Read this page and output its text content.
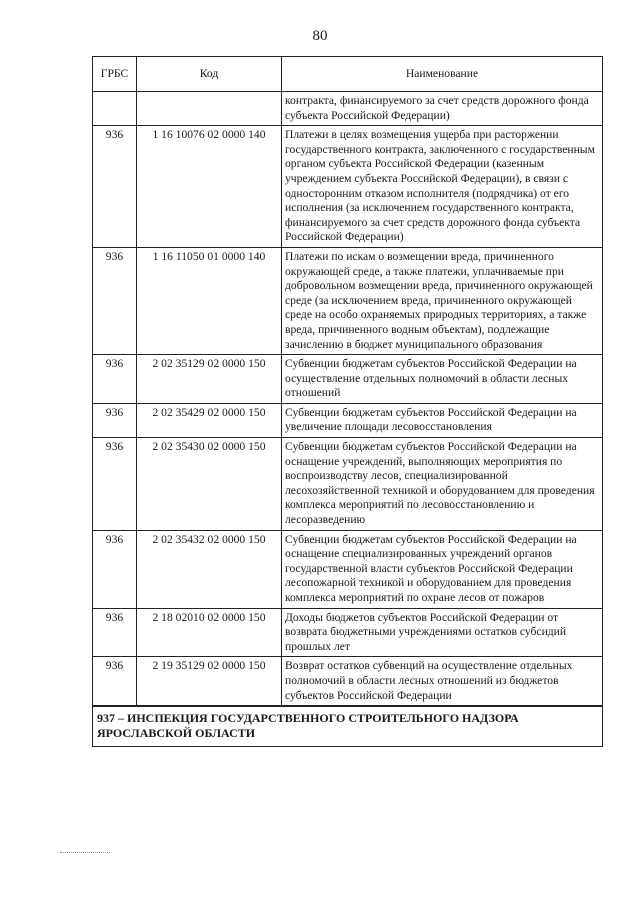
80
ГРБС	Код	Наименование
		контракта, финансируемого за счет средств дорожного фонда субъекта Российской Федерации)
936	1 16 10076 02 0000 140	Платежи в целях возмещения ущерба при расторжении государственного контракта, заключенного с государственным органом субъекта Российской Федерации (казенным учреждением субъекта Российской Федерации), в связи с односторонним отказом исполнителя (подрядчика) от его исполнения (за исключением государственного контракта, финансируемого за счет средств дорожного фонда субъекта Российской Федерации)
936	1 16 11050 01 0000 140	Платежи по искам о возмещении вреда, причиненного окружающей среде, а также платежи, уплачиваемые при добровольном возмещении вреда, причиненного окружающей среде (за исключением вреда, причиненного окружающей среде на особо охраняемых природных территориях, а также вреда, причиненного водным объектам), подлежащие зачислению в бюджет муниципального образования
936	2 02 35129 02 0000 150	Субвенции бюджетам субъектов Российской Федерации на осуществление отдельных полномочий в области лесных отношений
936	2 02 35429 02 0000 150	Субвенции бюджетам субъектов Российской Федерации на увеличение площади лесовосстановления
936	2 02 35430 02 0000 150	Субвенции бюджетам субъектов Российской Федерации на оснащение учреждений, выполняющих мероприятия по воспроизводству лесов, специализированной лесохозяйственной техникой и оборудованием для проведения комплекса мероприятий по лесовосстановлению и лесоразведению
936	2 02 35432 02 0000 150	Субвенции бюджетам субъектов Российской Федерации на оснащение специализированных учреждений органов государственной власти субъектов Российской Федерации лесопожарной техникой и оборудованием для проведения комплекса мероприятий по охране лесов от пожаров
936	2 18 02010 02 0000 150	Доходы бюджетов субъектов Российской Федерации от возврата бюджетными учреждениями остатков субсидий прошлых лет
936	2 19 35129 02 0000 150	Возврат остатков субвенций на осуществление отдельных полномочий в области лесных отношений из бюджетов субъектов Российской Федерации
937 – ИНСПЕКЦИЯ ГОСУДАРСТВЕННОГО СТРОИТЕЛЬНОГО НАДЗОРА ЯРОСЛАВСКОЙ ОБЛАСТИ		
